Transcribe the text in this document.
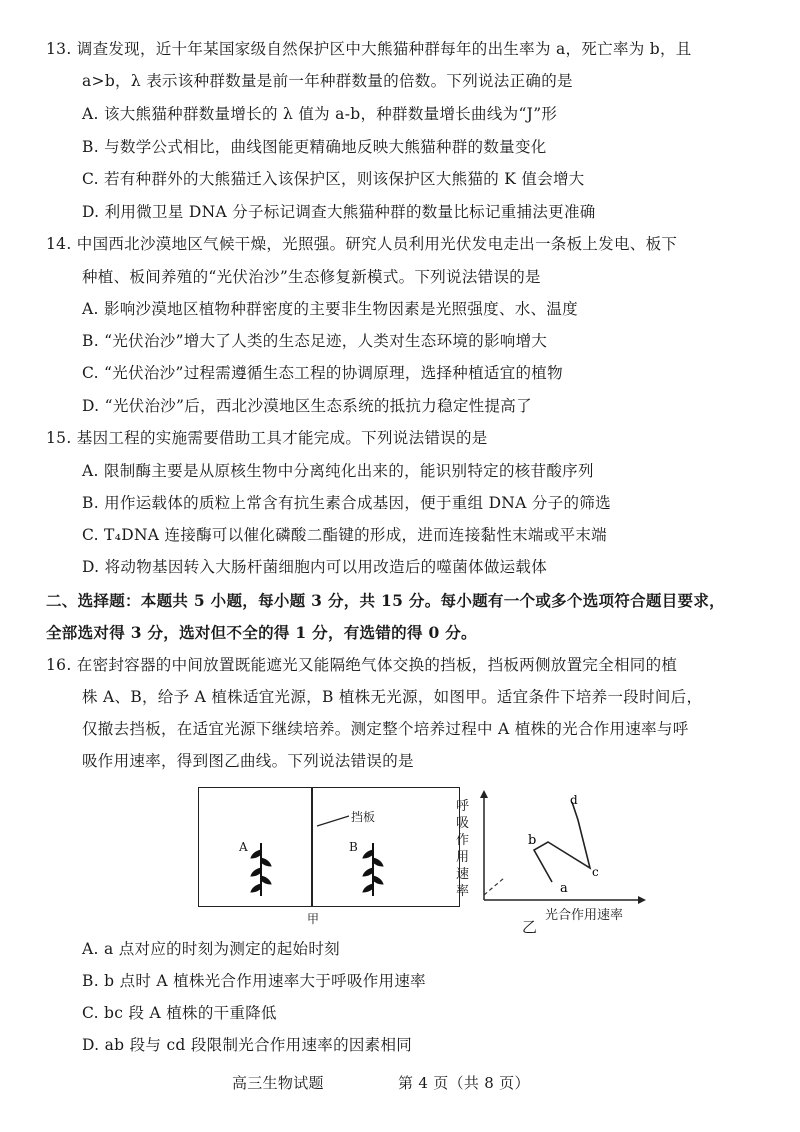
13. 调查发现，近十年某国家级自然保护区中大熊猫种群每年的出生率为 a，死亡率为 b，且
a>b，λ 表示该种群数量是前一年种群数量的倍数。下列说法正确的是
A. 该大熊猫种群数量增长的 λ 值为 a-b，种群数量增长曲线为“J”形
B. 与数学公式相比，曲线图能更精确地反映大熊猫种群的数量变化
C. 若有种群外的大熊猫迁入该保护区，则该保护区大熊猫的 K 值会增大
D. 利用微卫星 DNA 分子标记调查大熊猫种群的数量比标记重捕法更准确
14. 中国西北沙漠地区气候干燥，光照强。研究人员利用光伏发电走出一条板上发电、板下
种植、板间养殖的“光伏治沙”生态修复新模式。下列说法错误的是
A. 影响沙漠地区植物种群密度的主要非生物因素是光照强度、水、温度
B. “光伏治沙”增大了人类的生态足迹，人类对生态环境的影响增大
C. “光伏治沙”过程需遵循生态工程的协调原理，选择种植适宜的植物
D. “光伏治沙”后，西北沙漠地区生态系统的抵抗力稳定性提高了
15. 基因工程的实施需要借助工具才能完成。下列说法错误的是
A. 限制酶主要是从原核生物中分离纯化出来的，能识别特定的核苷酸序列
B. 用作运载体的质粒上常含有抗生素合成基因，便于重组 DNA 分子的筛选
C. T₄DNA 连接酶可以催化磷酸二酯键的形成，进而连接黏性末端或平末端
D. 将动物基因转入大肠杆菌细胞内可以用改造后的噬菌体做运载体
二、选择题：本题共 5 小题，每小题 3 分，共 15 分。每小题有一个或多个选项符合题目要求，
全部选对得 3 分，选对但不全的得 1 分，有选错的得 0 分。
16. 在密封容器的中间放置既能遮光又能隔绝气体交换的挡板，挡板两侧放置完全相同的植
株 A、B，给予 A 植株适宜光源，B 植株无光源，如图甲。适宜条件下培养一段时间后，
仅撤去挡板，在适宜光源下继续培养。测定整个培养过程中 A 植株的光合作用速率与呼
吸作用速率，得到图乙曲线。下列说法错误的是
A	B
挡板
甲
b
a
c
d
呼吸作用速率
光合作用速率
乙
A. a 点对应的时刻为测定的起始时刻
B. b 点时 A 植株光合作用速率大于呼吸作用速率
C. bc 段 A 植株的干重降低
D. ab 段与 cd 段限制光合作用速率的因素相同
高三生物试题	第 4 页（共 8 页）
